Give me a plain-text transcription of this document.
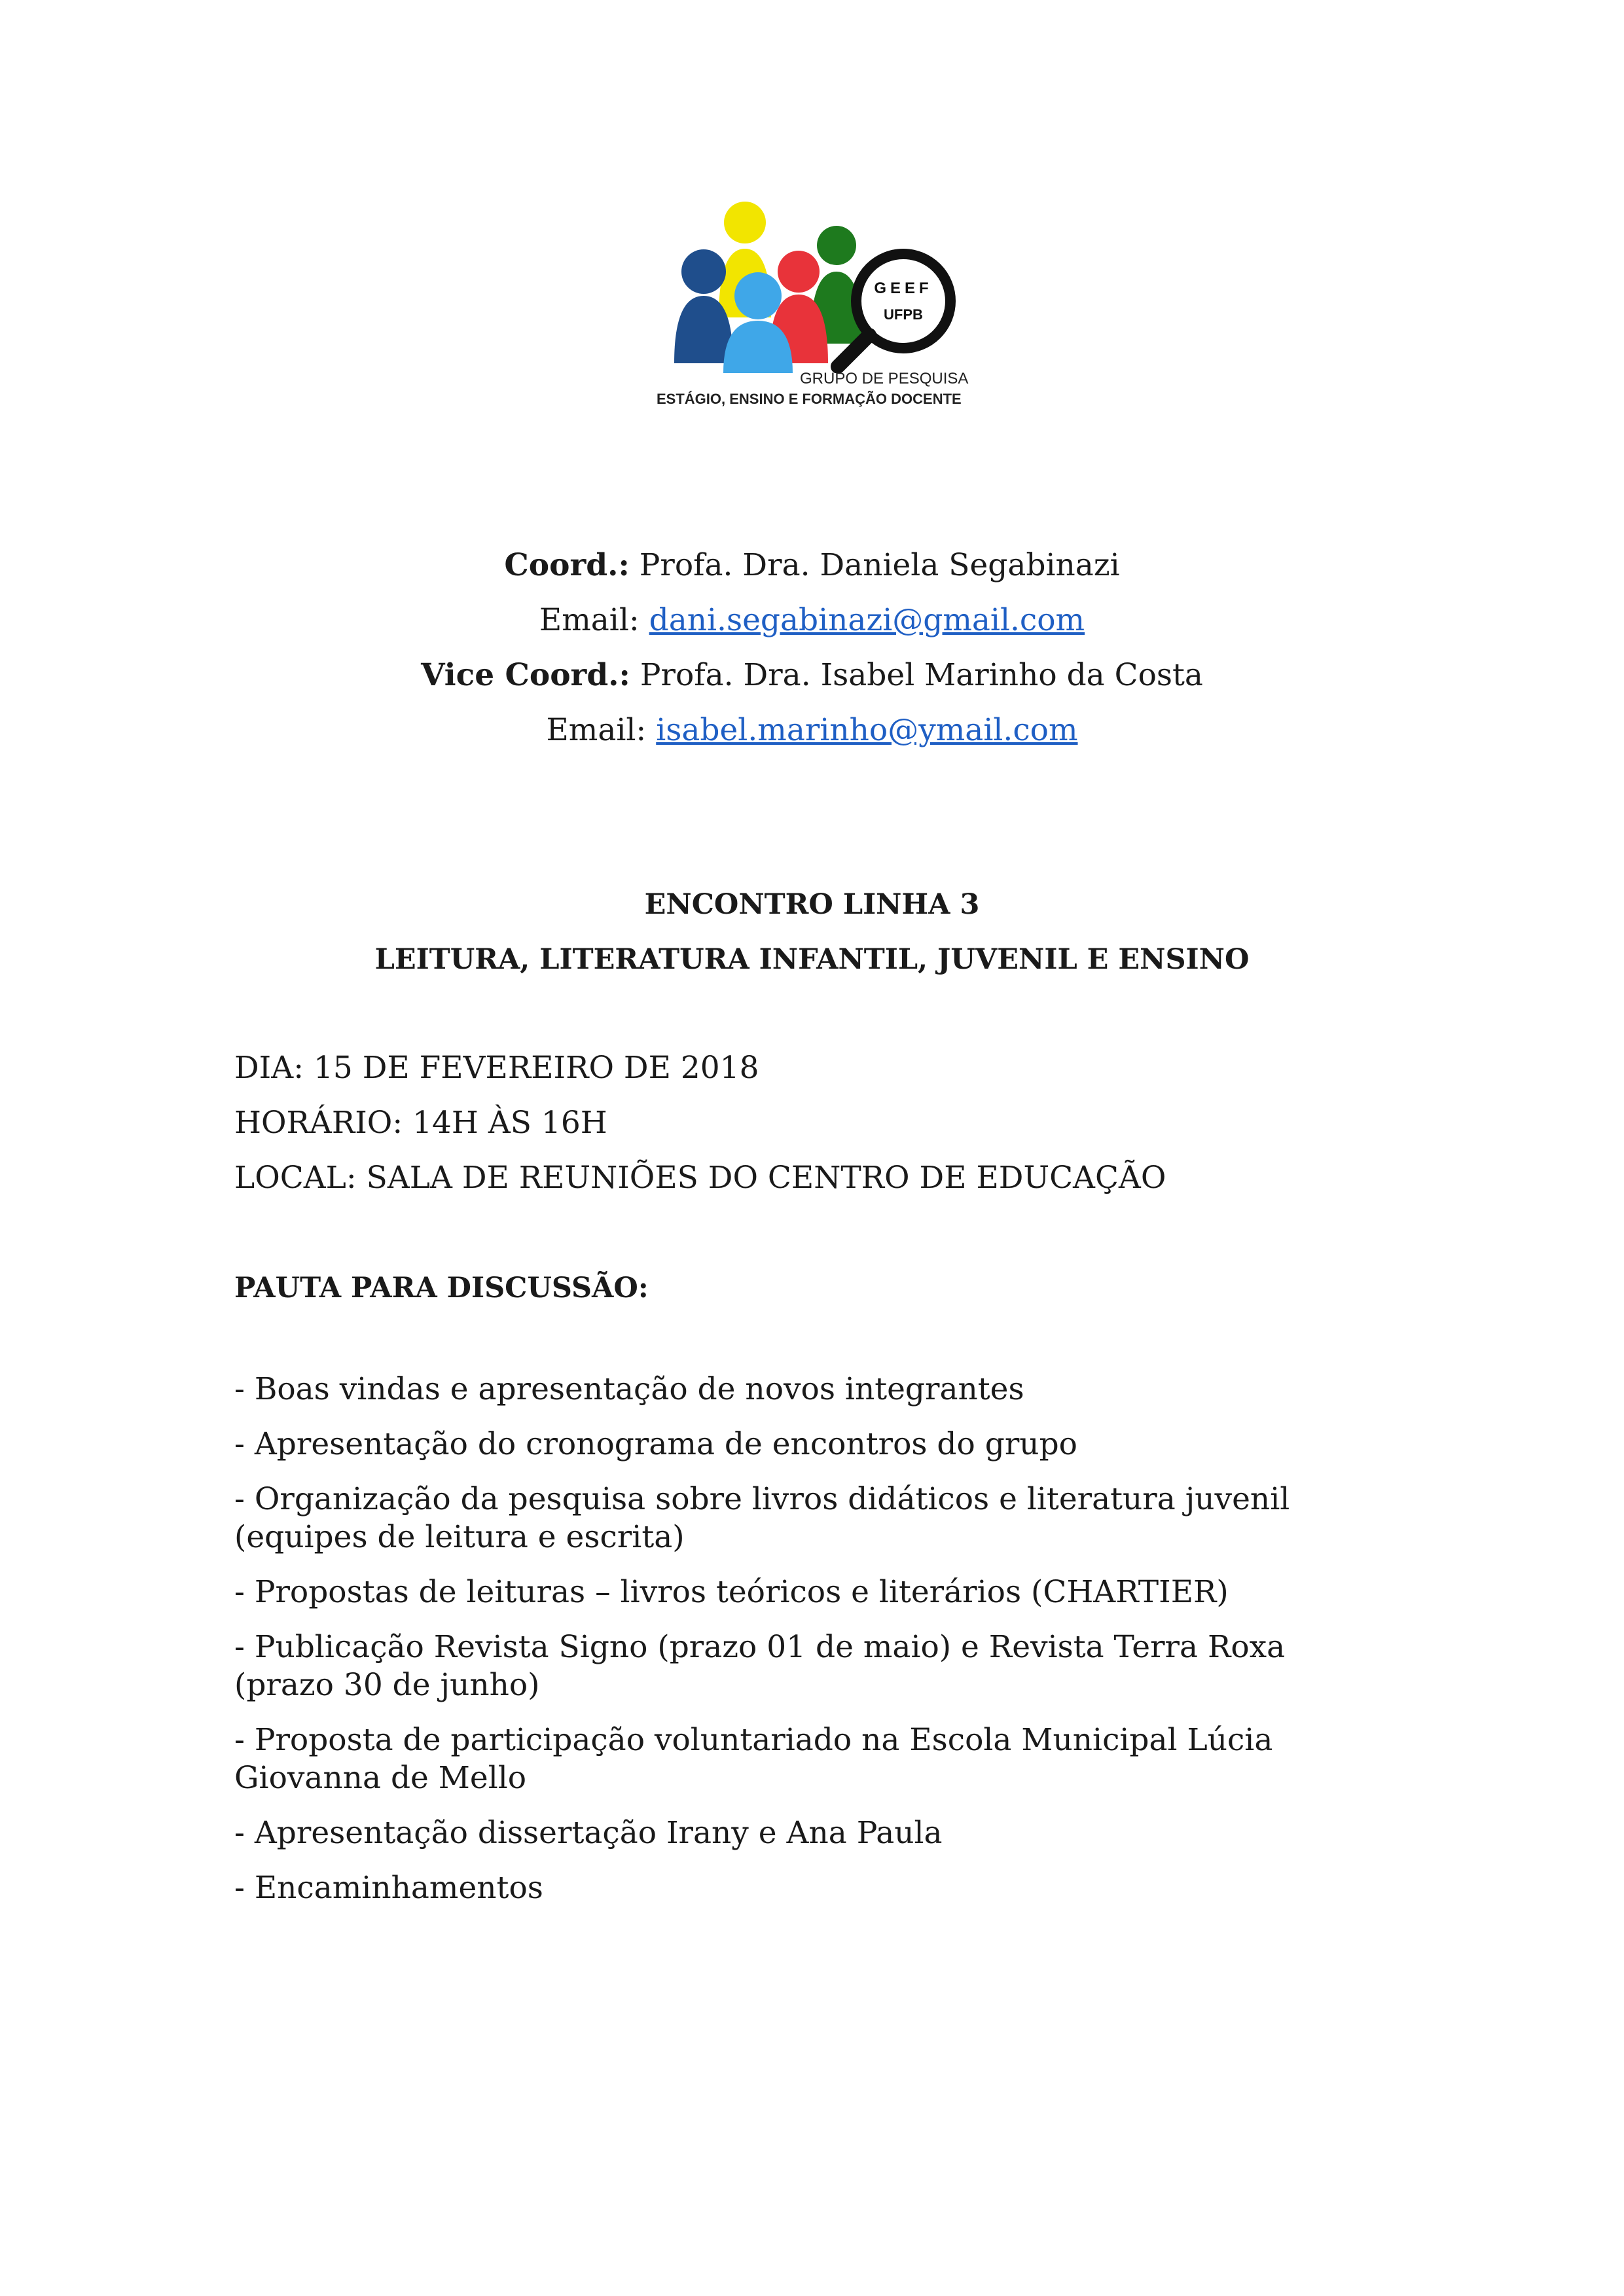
GEEF
UFPB
GRUPO DE PESQUISA
ESTÁGIO, ENSINO E FORMAÇÃO DOCENTE
Coord.: Profa. Dra. Daniela Segabinazi
Email: dani.segabinazi@gmail.com
Vice Coord.: Profa. Dra. Isabel Marinho da Costa
Email: isabel.marinho@ymail.com
ENCONTRO LINHA 3
LEITURA, LITERATURA INFANTIL, JUVENIL E ENSINO
DIA: 15 DE FEVEREIRO DE 2018
HORÁRIO: 14H ÀS 16H
LOCAL: SALA DE REUNIÕES DO CENTRO DE EDUCAÇÃO
PAUTA PARA DISCUSSÃO:
- Boas vindas e apresentação de novos integrantes
- Apresentação do cronograma de encontros do grupo
- Organização da pesquisa sobre livros didáticos e literatura juvenil (equipes de leitura e escrita)
- Propostas de leituras – livros teóricos e literários (CHARTIER)
- Publicação Revista Signo (prazo 01 de maio) e Revista Terra Roxa (prazo 30 de junho)
- Proposta de participação voluntariado na Escola Municipal Lúcia Giovanna de Mello
- Apresentação dissertação Irany e Ana Paula
- Encaminhamentos
